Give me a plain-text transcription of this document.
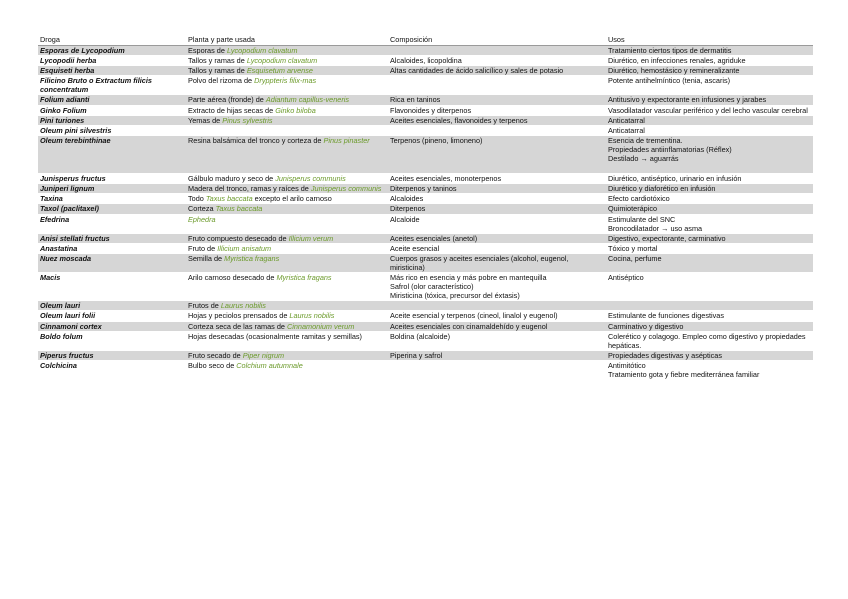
Droga	Planta y parte usada	Composición	Usos
Esporas de Lycopodium	Esporas de Lycopodium clavatum		Tratamiento ciertos tipos de dermatitis

Lycopodii herba	Tallos y ramas de Lycopodium clavatum	Alcaloides, licopoldina	Diurético, en infecciones renales, agriduke

Esquiseti herba	Tallos y ramas de Esquisetum arvense	Altas cantidades de ácido salicílico y sales de potasio	Diurético, hemostásico y remineralizante

Filicino Bruto o Extractum filicis concentratum	Polvo del rizoma de Dryppteris filix-mas		Potente antihelmíntico (tenia, ascaris)

Folium adianti	Parte aérea (fronde) de Adiantum capillus-veneris	Rica en taninos	Antitusivo y expectorante en infusiones y jarabes

Ginko Folium	Extracto de hijas secas de Ginko biloba	Flavonoides y diterpenos	Vasodilatador vascular periférico y del lecho vascular cerebral

Pini turiones	Yemas de Pinus sylvestris	Aceites esenciales, flavonoides y terpenos	Anticatarral

Oleum pini silvestris			Anticatarral

Oleum terebinthinae	Resina balsámica del tronco y corteza de Pinus pinaster	Terpenos (pineno, limoneno)	Esencia de trementina.
Propiedades antiinflamatorias (Réflex)
Destilado → aguarrás

Junisperus fructus	Gálbulo maduro y seco de Junisperus communis	Aceites esenciales, monoterpenos	Diurético, antiséptico, urinario en infusión

Juniperi lignum	Madera del tronco, ramas y raíces de Junisperus communis	Diterpenos y taninos	Diurético y diaforético en infusión

Taxina	Todo Taxus baccata excepto el arilo carnoso	Alcaloides	Efecto cardiotóxico

Taxol (paclitaxel)	Corteza Taxus baccata	Diterpenos	Quimioterápico

Efedrina	Ephedra	Alcaloide	Estimulante del SNC
Broncodilatador → uso asma

Anisi stellati fructus	Fruto compuesto desecado de Illicium verum	Aceites esenciales (anetol)	Digestivo, expectorante, carminativo

Anastatina	Fruto de Illicium anisatum	Aceite esencial	Tóxico y mortal

Nuez moscada	Semilla de Myristica fragans	Cuerpos grasos y aceites esenciales (alcohol, eugenol, miristicina)	Cocina, perfume

Macis	Arilo carnoso desecado de Myristica fragans	Más rico en esencia y más pobre en mantequilla
Safrol (olor característico)
Miristicina (tóxica, precursor del éxtasis)	Antiséptico

Oleum lauri	Frutos de Laurus nobilis		
Oleum lauri folii	Hojas y peciolos prensados de Laurus nobilis	Aceite esencial y terpenos (cineol, linalol y eugenol)	Estimulante de funciones digestivas

Cinnamoni cortex	Corteza seca de las ramas de Cinnamonium verum	Aceites esenciales con cinamaldehído y eugenol	Carminativo y digestivo

Boldo folum	Hojas desecadas (ocasionalmente ramitas y semillas)	Boldina (alcaloide)	Colerético y colagogo. Empleo como digestivo y propiedades hepáticas.

Piperus fructus	Fruto secado de Piper nigrum	Piperina y safrol	Propiedades digestivas y asépticas

Colchicina	Bulbo seco de Colchium autumnale		Antimitótico
Tratamiento gota y fiebre mediterránea familiar
